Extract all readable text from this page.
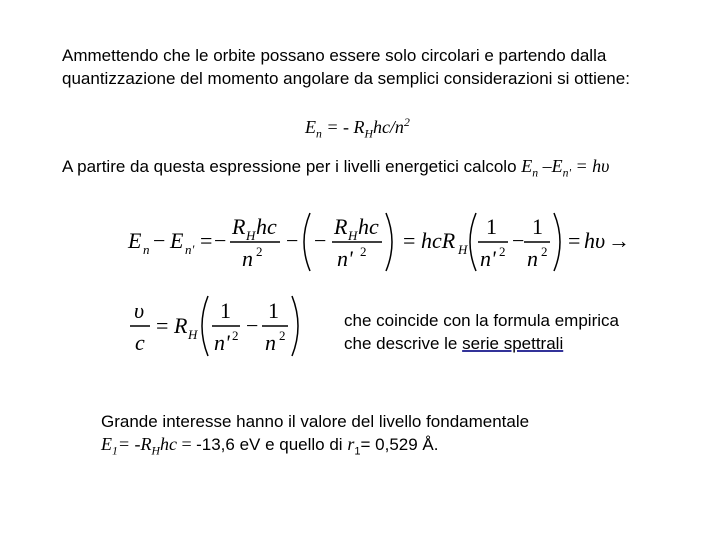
Ammettendo che le orbite possano essere solo circolari e partendo dalla
quantizzazione del momento angolare da semplici considerazioni si ottiene:
$E_n$ = - $R_Hhc/n^2$
A partire da questa espressione per i livelli energetici calcolo $E_n$ $-E_{n'} = h\upsilon$
E n − E n' = −
R H hc
n 2 − −
R H hc
n' 2 = hcR H
1
n' 2 −
1
n 2 = hυ →
υ
c
= R H
1
n' 2 −
1
n 2
che coincide con la formula empirica
che descrive le serie spettrali
Grande interesse hanno il valore del livello fondamentale
$E_1= -R_Hhc = -13,6$ eV e quello di $r_1= 0,529$ Å.
